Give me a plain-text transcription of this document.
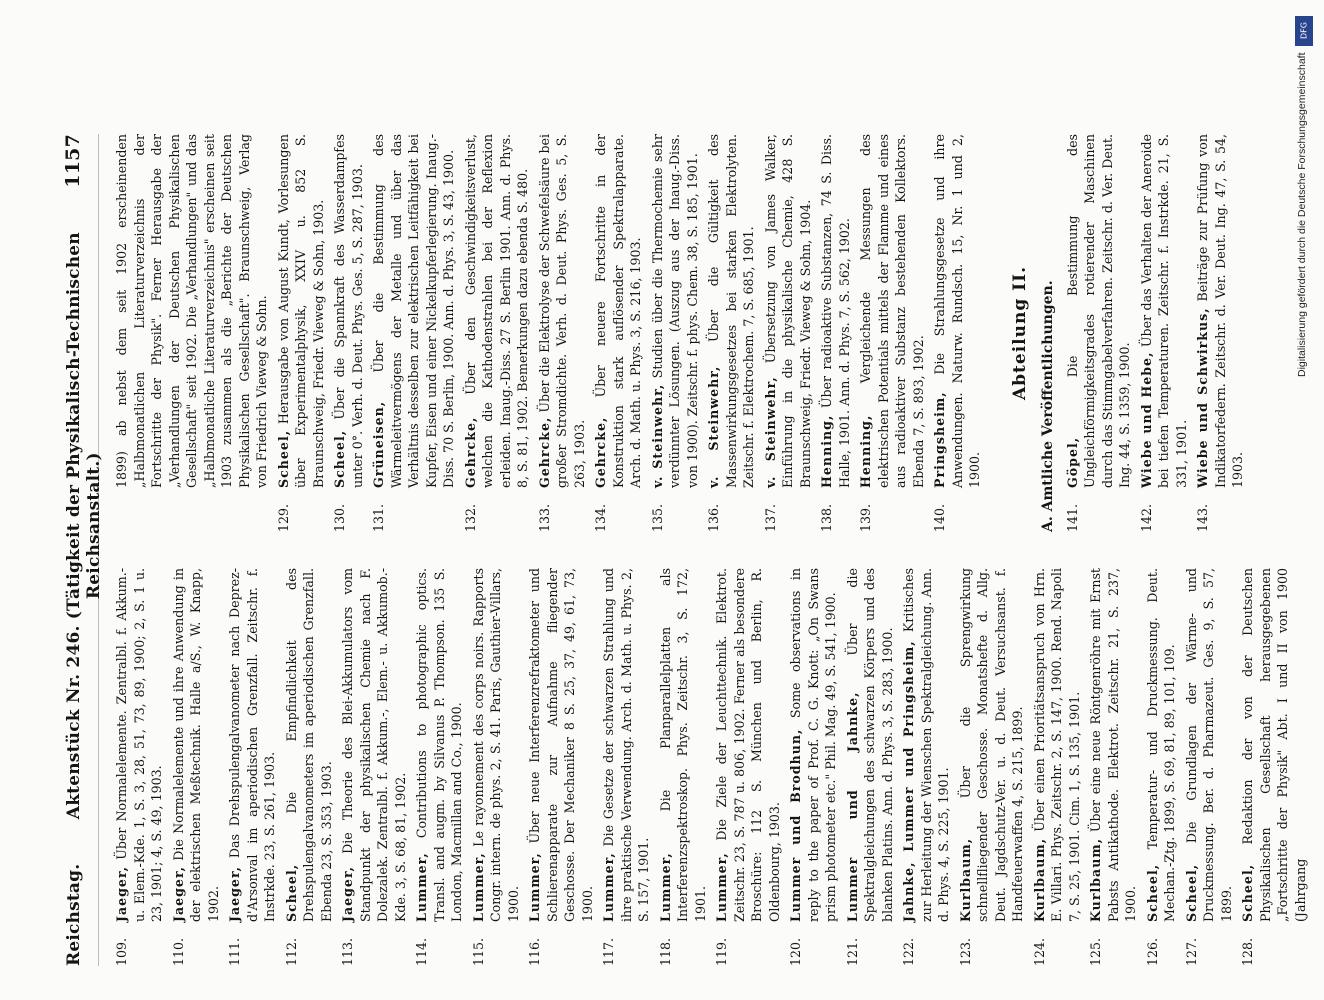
Reichstag.
Aktenstück Nr. 246. (Tätigkeit der Physikalisch-Technischen Reichsanstalt.)
1157
109.
Jaeger, Über Normalelemente. Zentralbl. f. Akkum.- u. Elem.-Kde. 1, S. 3, 28, 51, 73, 89, 1900; 2, S. 1 u. 23, 1901; 4, S. 49, 1903.
110.
Jaeger, Die Normalelemente und ihre Anwendung in der elektrischen Meßtechnik. Halle a/S., W. Knapp, 1902.
111.
Jaeger, Das Drehspulengalvanometer nach Deprez-d'Arsonval im aperiodischen Grenzfall. Zeitschr. f. Instrkde. 23, S. 261, 1903.
112.
Scheel, Die Empfindlichkeit des Drehspulengalvanometers im aperiodischen Grenzfall. Ebenda 23, S. 353, 1903.
113.
Jaeger, Die Theorie des Blei-Akkumulators vom Standpunkt der physikalischen Chemie nach F. Dolezalek. Zentralbl. f. Akkum.-, Elem.- u. Akkumob.-Kde. 3, S. 68, 81, 1902.
114.
Lummer, Contributions to photographic optics. Transl. and augm. by Silvanus P. Thompson. 135 S. London, Macmillan and Co., 1900.
115.
Lummer, Le rayonnement des corps noirs. Rapports Congr. intern. de phys. 2, S. 41. Paris, Gauthier-Villars, 1900.
116.
Lummer, Über neue Interferenzrefraktometer und Schlierenapparate zur Aufnahme fliegender Geschosse. Der Mechaniker 8 S. 25, 37, 49, 61, 73, 1900.
117.
Lummer, Die Gesetze der schwarzen Strahlung und ihre praktische Verwendung. Arch. d. Math. u. Phys. 2, S. 157, 1901.
118.
Lummer, Die Planparallelplatten als Interferenzspektroskop. Phys. Zeitschr. 3, S. 172, 1901.
119.
Lummer, Die Ziele der Leuchttechnik. Elektrot. Zeitschr. 23, S. 787 u. 806, 1902. Ferner als besondere Broschüre: 112 S. München und Berlin, R. Oldenbourg, 1903.
120.
Lummer und Brodhun, Some observations in reply to the paper of Prof. C. G. Knott: „On Swans prism photometer etc." Phil. Mag. 49, S. 541, 1900.
121.
Lummer und Jahnke, Über die Spektralgleichungen des schwarzen Körpers und des blanken Platins. Ann. d. Phys. 3, S. 283, 1900.
122.
Jahnke, Lummer und Pringsheim, Kritisches zur Herleitung der Wienschen Spektralgleichung. Ann. d. Phys. 4, S. 225, 1901.
123.
Kurlbaum, Über die Sprengwirkung schnellfliegender Geschosse. Monatshefte d. Allg. Deut. Jagdschutz-Ver. u. d. Deut. Versuchsanst. f. Handfeuerwaffen 4, S. 215, 1899.
124.
Kurlbaum, Über einen Prioritätsanspruch von Hrn. E. Villari. Phys. Zeitschr. 2, S. 147, 1900. Rend. Napoli 7, S. 25, 1901. Cim. 1, S. 135, 1901.
125.
Kurlbaum, Über eine neue Röntgenröhre mit Ernst Pabsts Antikathode. Elektrot. Zeitschr. 21, S. 237, 1900.
126.
Scheel, Temperatur- und Druckmessung. Deut. Mechan.-Ztg. 1899, S. 69, 81, 89, 101, 109.
127.
Scheel, Die Grundlagen der Wärme- und Druckmessung. Ber. d. Pharmazeut. Ges. 9, S. 57, 1899.
128.
Scheel, Redaktion der von der Deutschen Physikalischen Gesellschaft herausgegebenen „Fortschritte der Physik" Abt. I und II von 1900 (Jahrgang
1899) ab nebst dem seit 1902 erscheinenden „Halbmonatlichen Literaturverzeichnis der Fortschritte der Physik". Ferner Herausgabe der „Verhandlungen der Deutschen Physikalischen Gesellschaft" seit 1902. Die „Verhandlungen" und das „Halbmonatliche Literaturverzeichnis" erscheinen seit 1903 zusammen als die „Berichte der Deutschen Physikalischen Gesellschaft". Braunschweig, Verlag von Friedrich Vieweg & Sohn.
129.
Scheel, Herausgabe von August Kundt, Vorlesungen über Experimentalphysik, XXIV u. 852 S. Braunschweig, Friedr. Vieweg & Sohn, 1903.
130.
Scheel, Über die Spannkraft des Wasserdampfes unter 0°. Verh. d. Deut. Phys. Ges. 5, S. 287, 1903.
131.
Grüneisen, Über die Bestimmung des Wärmeleitvermögens der Metalle und über das Verhältnis desselben zur elektrischen Leitfähigkeit bei Kupfer, Eisen und einer Nickelkupferlegierung. Inaug.-Diss. 70 S. Berlin, 1900. Ann. d. Phys. 3, S. 43, 1900.
132.
Gehrcke, Über den Geschwindigkeitsverlust, welchen die Kathodenstrahlen bei der Reflexion erleiden. Inaug.-Diss. 27 S. Berlin 1901. Ann. d. Phys. 8, S. 81, 1902. Bemerkungen dazu ebenda S. 480.
133.
Gehrcke, Über die Elektrolyse der Schwefelsäure bei großer Stromdichte. Verh. d. Deut. Phys. Ges. 5, S. 263, 1903.
134.
Gehrcke, Über neuere Fortschritte in der Konstruktion stark auflösender Spektralapparate. Arch. d. Math. u. Phys. 3, S. 216, 1903.
135.
v. Steinwehr, Studien über die Thermochemie sehr verdünnter Lösungen. (Auszug aus der Inaug.-Diss. von 1900). Zeitschr. f. phys. Chem. 38, S. 185, 1901.
136.
v. Steinwehr, Über die Gültigkeit des Massenwirkungsgesetzes bei starken Elektrolyten. Zeitschr. f. Elektrochem. 7, S. 685, 1901.
137.
v. Steinwehr, Übersetzung von James Walker, Einführung in die physikalische Chemie, 428 S. Braunschweig, Friedr. Vieweg & Sohn, 1904.
138.
Henning, Über radioaktive Substanzen, 74 S. Diss. Halle, 1901. Ann. d. Phys. 7, S. 562, 1902.
139.
Henning, Vergleichende Messungen des elektrischen Potentials mittels der Flamme und eines aus radioaktiver Substanz bestehenden Kollektors. Ebenda 7, S. 893, 1902.
140.
Pringsheim, Die Strahlungsgesetze und ihre Anwendungen. Naturw. Rundsch. 15, Nr. 1 und 2, 1900.
Abteilung II. A. Amtliche Veröffentlichungen. 141.
Göpel, Die Bestimmung des Ungleichförmigkeitsgrades rotierender Maschinen durch das Stimmgabelverfahren. Zeitschr. d. Ver. Deut. Ing. 44, S. 1359, 1900.
142.
Wiebe und Hebe, Über das Verhalten der Aneroide bei tiefen Temperaturen. Zeitschr. f. Instrkde. 21, S. 331, 1901.
143.
Wiebe und Schwirkus, Beiträge zur Prüfung von Indikatorfedern. Zeitschr. d. Ver. Deut. Ing. 47, S. 54, 1903.
DFG
Digitalisierung gefördert durch die Deutsche Forschungsgemeinschaft
